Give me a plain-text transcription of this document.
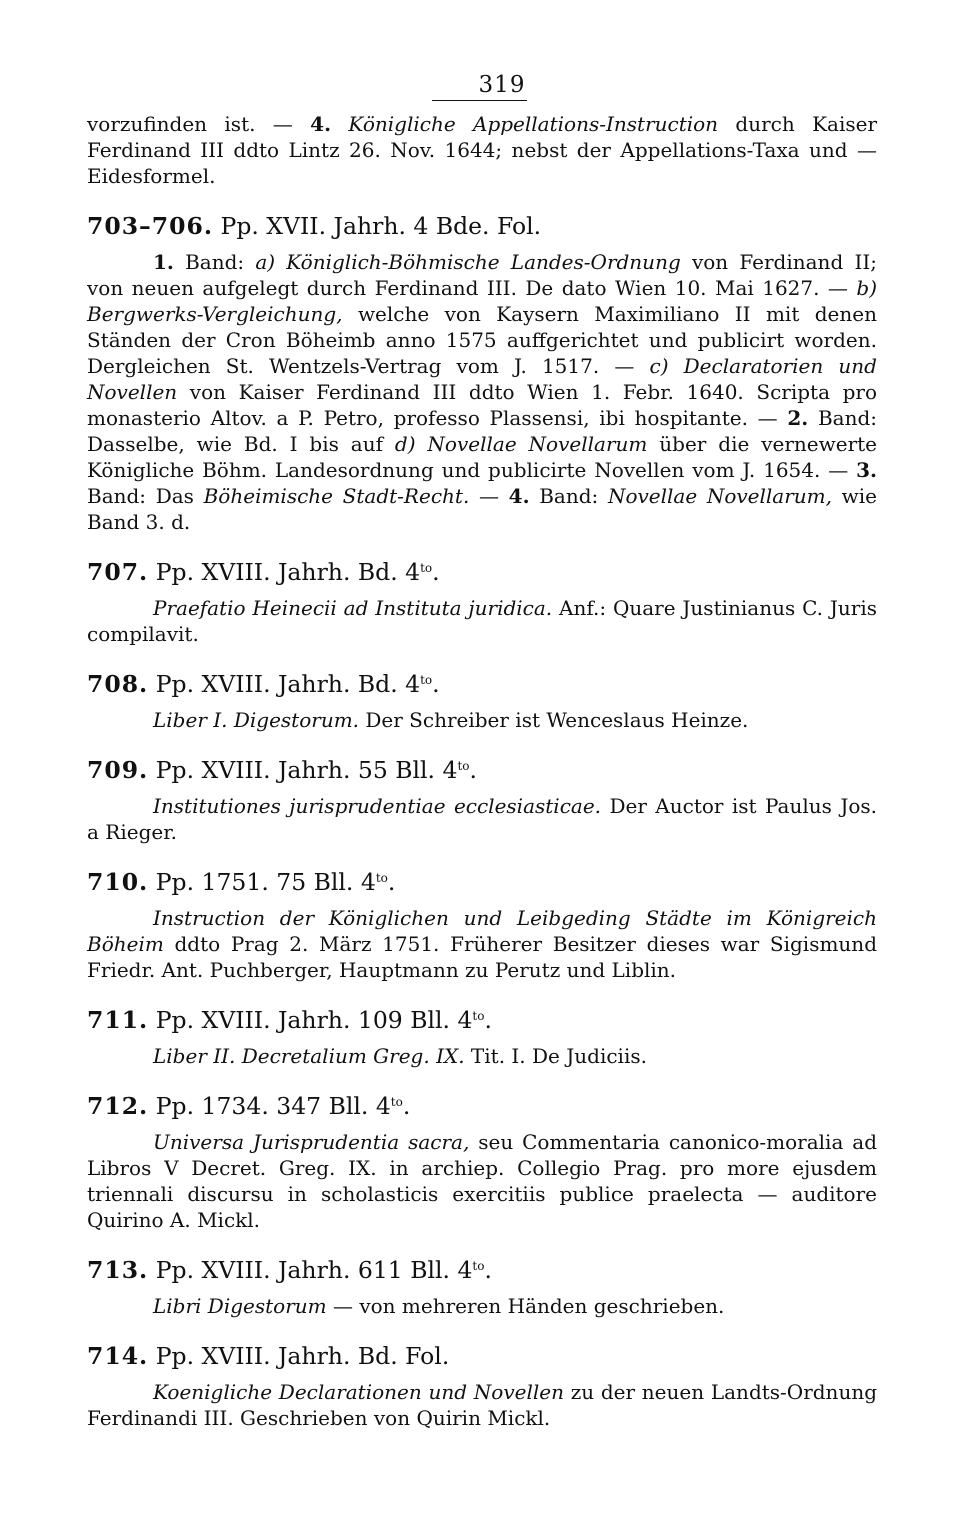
319

vorzufinden ist. — 4. Königliche Appellations-Instruction durch Kaiser Ferdinand III ddto Lintz 26. Nov. 1644; nebst der Appellations-Taxa und — Eidesformel.

703–706. Pp. XVII. Jahrh. 4 Bde. Fol.

1. Band: a) Königlich-Böhmische Landes-Ordnung von Ferdinand II; von neuen aufgelegt durch Ferdinand III. De dato Wien 10. Mai 1627. — b) Bergwerks-Vergleichung, welche von Kaysern Maximiliano II mit denen Ständen der Cron Böheimb anno 1575 auffgerichtet und publicirt worden. Dergleichen St. Wentzels-Vertrag vom J. 1517. — c) Declaratorien und Novellen von Kaiser Ferdinand III ddto Wien 1. Febr. 1640. Scripta pro monasterio Altov. a P. Petro, professo Plassensi, ibi hospitante. — 2. Band: Dasselbe, wie Bd. I bis auf d) Novellae Novellarum über die vernewerte Königliche Böhm. Landesordnung und publicirte Novellen vom J. 1654. — 3. Band: Das Böheimische Stadt-Recht. — 4. Band: Novellae Novellarum, wie Band 3. d.

707. Pp. XVIII. Jahrh. Bd. $4^{to}$.

Praefatio Heinecii ad Instituta juridica. Anf.: Quare Justinianus C. Juris compilavit.

708. Pp. XVIII. Jahrh. Bd. $4^{to}$.

Liber I. Digestorum. Der Schreiber ist Wenceslaus Heinze.

709. Pp. XVIII. Jahrh. 55 Bll. $4^{to}$.

Institutiones jurisprudentiae ecclesiasticae. Der Auctor ist Paulus Jos. a Rieger.

710. Pp. 1751. 75 Bll. $4^{to}$.

Instruction der Königlichen und Leibgeding Städte im Königreich Böheim ddto Prag 2. März 1751. Früherer Besitzer dieses war Sigismund Friedr. Ant. Puchberger, Hauptmann zu Perutz und Liblin.

711. Pp. XVIII. Jahrh. 109 Bll. $4^{to}$.

Liber II. Decretalium Greg. IX. Tit. I. De Judiciis.

712. Pp. 1734. 347 Bll. $4^{to}$.

Universa Jurisprudentia sacra, seu Commentaria canonico-moralia ad Libros V Decret. Greg. IX. in archiep. Collegio Prag. pro more ejusdem triennali discursu in scholasticis exercitiis publice praelecta — auditore Quirino A. Mickl.

713. Pp. XVIII. Jahrh. 611 Bll. $4^{to}$.

Libri Digestorum — von mehreren Händen geschrieben.

714. Pp. XVIII. Jahrh. Bd. Fol.

Koenigliche Declarationen und Novellen zu der neuen Landts-Ordnung Ferdinandi III. Geschrieben von Quirin Mickl.
